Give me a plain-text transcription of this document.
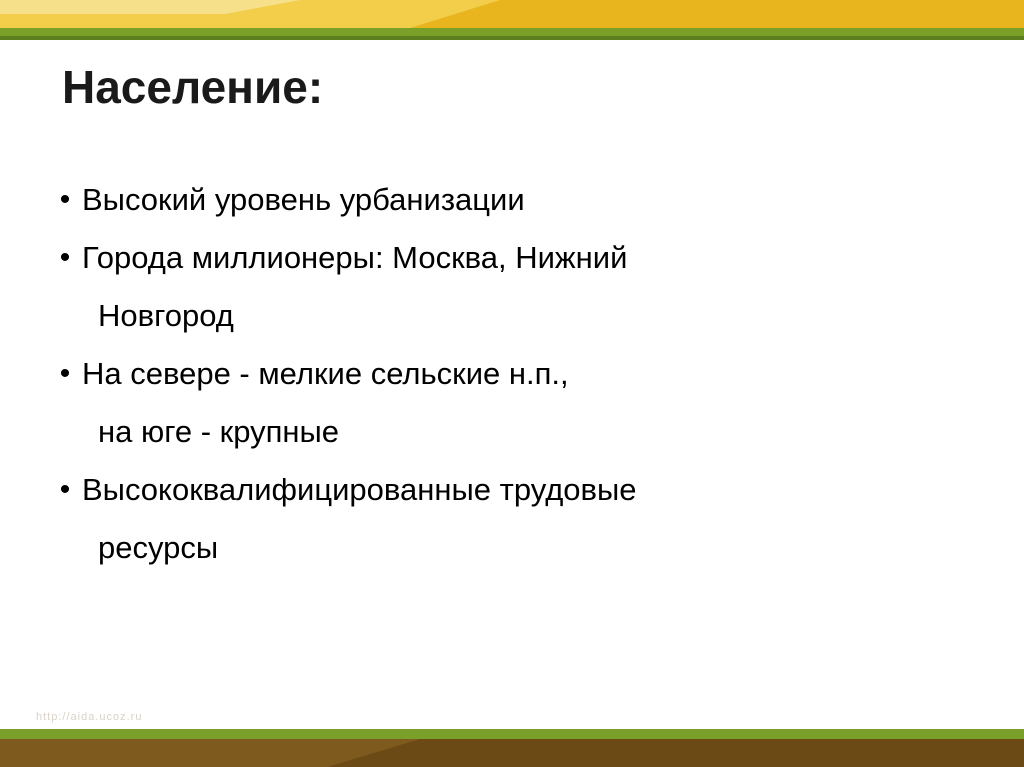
Население:
• Высокий уровень урбанизации
• Города миллионеры: Москва, Нижний
Новгород
• На севере - мелкие сельские н.п.,
на юге - крупные
• Высококвалифицированные трудовые
ресурсы
http://aida.ucoz.ru
